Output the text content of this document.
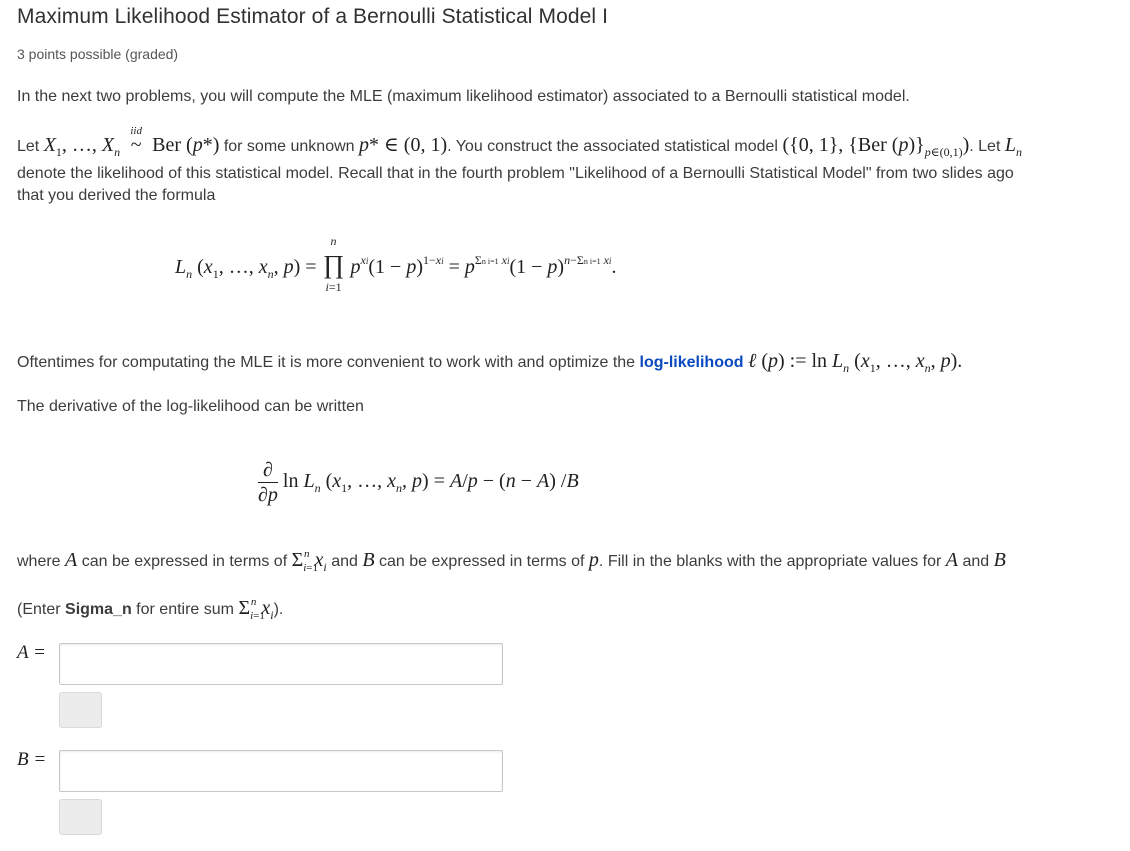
Maximum Likelihood Estimator of a Bernoulli Statistical Model I
3 points possible (graded)
In the next two problems, you will compute the MLE (maximum likelihood estimator) associated to a Bernoulli statistical model.
Let $X_1$, …, $X_n$
iid
~ Ber (p*) for some unknown p* ∈ (0, 1). You construct the associated statistical model ({0, 1}, {Ber $(p)\}_{p\in(0,1)}$). Let $L_n$
denote the likelihood of this statistical model. Recall that in the fourth problem "Likelihood of a Bernoulli Statistical Model" from two slides ago
that you derived the formula
$L_n$ ($x_1$, …, $x_n$, p) =
n
∏
i=1
$p^{xi}(1 - p)^{1-xi} = p^{\Sigma n i=1 xi}(1 - p)^{n-\Sigma n i=1 xi}$.
Oftentimes for computating the MLE it is more convenient to work with and optimize the log-likelihood ℓ (p) := $\ln L_n$ ($x_1$, …, $x_n$, p).
The derivative of the log-likelihood can be written
$\frac{\partial}{\partial p}$ $\ln L_n$ ($x_1$, …, $x_n$, p) = A/p − (n − A) /B
where A can be expressed in terms of $\Sigma_{i=1}^n$ $x_i$ and B can be expressed in terms of p. Fill in the blanks with the appropriate values for A and B
(Enter Sigma_n for entire sum $\Sigma_{i=1}^n$ $x_i$).
A =
B =
